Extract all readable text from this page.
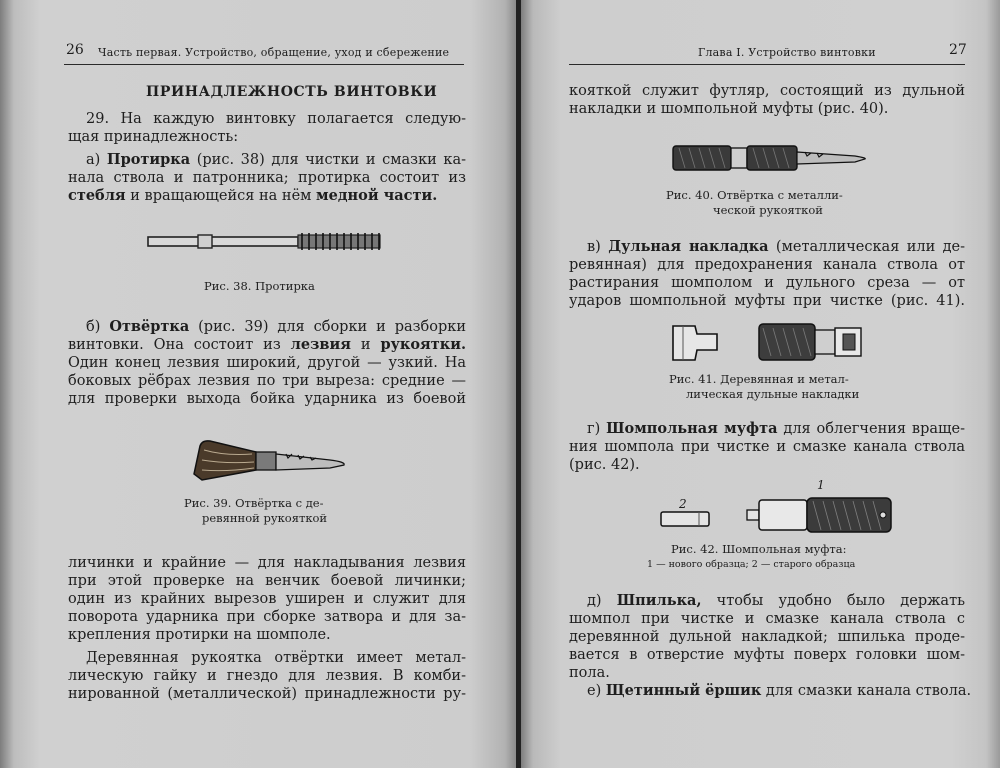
26 Часть первая. Устройство, обращение, уход и сбережение
ПРИНАДЛЕЖНОСТЬ ВИНТОВКИ
29. На каждую винтовку полагается следую-
щая принадлежность:
а) Протирка (рис. 38) для чистки и смазки ка-
нала ствола и патронника; протирка состоит из
стебля и вращающейся на нём медной части.
Рис. 38. Протирка
б) Отвёртка (рис. 39) для сборки и разборки
винтовки. Она состоит из лезвия и рукоятки.
Один конец лезвия широкий, другой — узкий. На
боковых рёбрах лезвия по три выреза: средние —
для проверки выхода бойка ударника из боевой
Рис. 39. Отвёртка с де-
ревянной рукояткой
личинки и крайние — для накладывания лезвия
при этой проверке на венчик боевой личинки;
один из крайних вырезов уширен и служит для
поворота ударника при сборке затвора и для за-
крепления протирки на шомполе.
Деревянная рукоятка отвёртки имеет метал-
лическую гайку и гнездо для лезвия. В комби-
нированной (металлической) принадлежности ру-
Глава I. Устройство винтовки	27
кояткой служит футляр, состоящий из дульной
накладки и шомпольной муфты (рис. 40).
Рис. 40. Отвёртка с металли-
ческой рукояткой
в) Дульная накладка (металлическая или де-
ревянная) для предохранения канала ствола от
растирания шомполом и дульного среза — от
ударов шомпольной муфты при чистке (рис. 41).
Рис. 41. Деревянная и метал-
лическая дульные накладки
г) Шомпольная муфта для облегчения враще-
ния шомпола при чистке и смазке канала ствола
(рис. 42).
1
2
Рис. 42. Шомпольная муфта:
1 — нового образца; 2 — старого образца
д) Шпилька, чтобы удобно было держать
шомпол при чистке и смазке канала ствола с
деревянной дульной накладкой; шпилька проде-
вается в отверстие муфты поверх головки шом-
пола.
е) Щетинный ёршик для смазки канала ствола.
